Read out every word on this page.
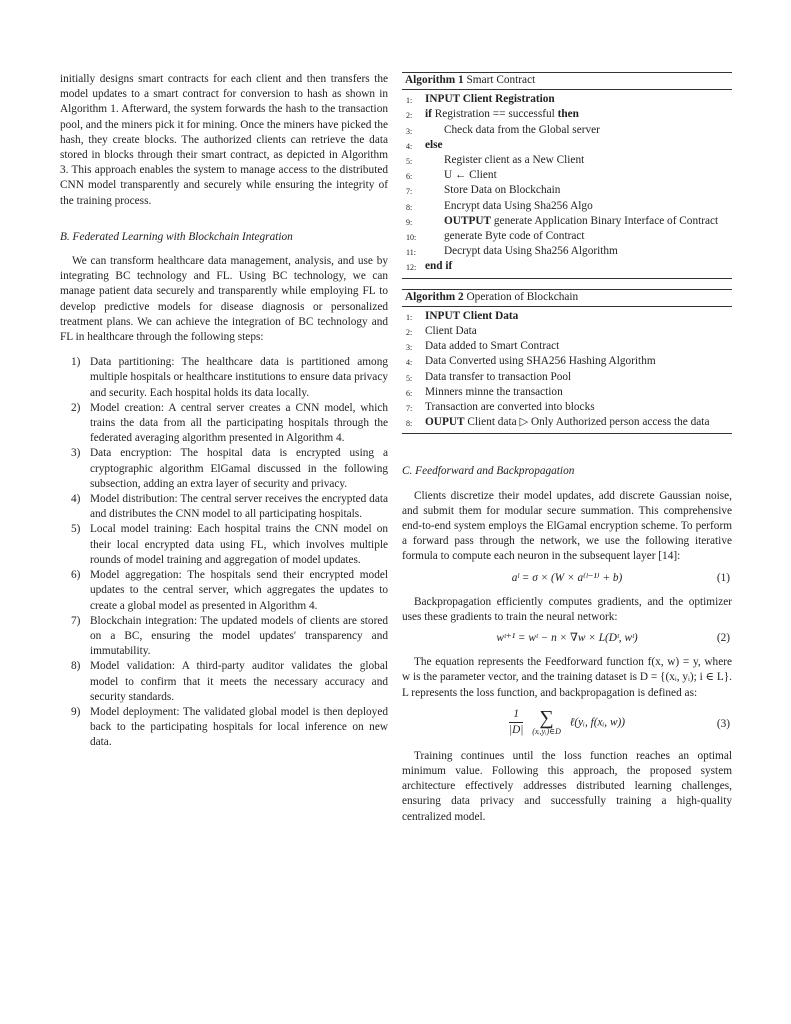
initially designs smart contracts for each client and then transfers the model updates to a smart contract for conversion to hash as shown in Algorithm 1. Afterward, the system forwards the hash to the transaction pool, and the miners pick it for mining. Once the miners have picked the hash, they create blocks. The authorized clients can retrieve the data stored in blocks through their smart contract, as depicted in Algorithm 3. This approach enables the system to manage access to the distributed CNN model transparently and securely while ensuring the integrity of the training process.

B. Federated Learning with Blockchain Integration

We can transform healthcare data management, analysis, and use by integrating BC technology and FL. Using BC technology, we can manage patient data securely and transparently while employing FL to develop predictive models for disease diagnosis or personalized treatment plans. We can achieve the integration of BC technology and FL in healthcare through the following steps:

1) Data partitioning: The healthcare data is partitioned among multiple hospitals or healthcare institutions to ensure data privacy and security. Each hospital holds its data locally.
2) Model creation: A central server creates a CNN model, which trains the data from all the participating hospitals through the federated averaging algorithm presented in Algorithm 4.
3) Data encryption: The hospital data is encrypted using a cryptographic algorithm ElGamal discussed in the following subsection, adding an extra layer of security and privacy.
4) Model distribution: The central server receives the encrypted data and distributes the CNN model to all participating hospitals.
5) Local model training: Each hospital trains the CNN model on their local encrypted data using FL, which involves multiple rounds of model training and aggregation of model updates.
6) Model aggregation: The hospitals send their encrypted model updates to the central server, which aggregates the updates to create a global model as presented in Algorithm 4.
7) Blockchain integration: The updated models of clients are stored on a BC, ensuring the model updates' transparency and immutability.
8) Model validation: A third-party auditor validates the global model to confirm that it meets the necessary accuracy and security standards.
9) Model deployment: The validated global model is then deployed back to the participating hospitals for local inference on new data.
Algorithm 1 Smart Contract
1: INPUT Client Registration
2: if Registration == successful then
3:	Check data from the Global server
4: else
5:	Register client as a New Client
6:	U ← Client
7:	Store Data on Blockchain
8:	Encrypt data Using Sha256 Algo
9:	OUTPUT generate Application Binary Interface of Contract
10: generate Byte code of Contract
11: Decrypt data Using Sha256 Algorithm
12: end if
Algorithm 2 Operation of Blockchain
1: INPUT Client Data
2: Client Data
3: Data added to Smart Contract
4: Data Converted using SHA256 Hashing Algorithm
5: Data transfer to transaction Pool
6: Minners minne the transaction
7: Transaction are converted into blocks
8: OUPUT Client data ▷ Only Authorized person access the data
C. Feedforward and Backpropagation

Clients discretize their model updates, add discrete Gaussian noise, and submit them for modular secure summation. This comprehensive end-to-end system employs the ElGamal encryption scheme. To perform a forward pass through the network, we use the following iterative formula to compute each neuron in the subsequent layer [14]:

aˡ = σ × (W × a⁽ˡ⁻¹⁾ + b)	(1)

Backpropagation efficiently computes gradients, and the optimizer uses these gradients to train the neural network:

wᵗ⁺¹ = wᵗ − n × ∇w × L(Dᵗ, wᵗ)	(2)

The equation represents the Feedforward function f(x, w) = y, where w is the parameter vector, and the training dataset is D = {(xᵢ, yᵢ); i ∈ L}. L represents the loss function, and backpropagation is defined as:

$\frac{1}{|D|}$
∑
(xᵢ,yᵢ)∈D
ℓ(yᵢ, f(xᵢ, w))	(3)

Training continues until the loss function reaches an optimal minimum value. Following this approach, the proposed system architecture effectively addresses distributed learning challenges, ensuring data privacy and successfully training a high-quality centralized model.
